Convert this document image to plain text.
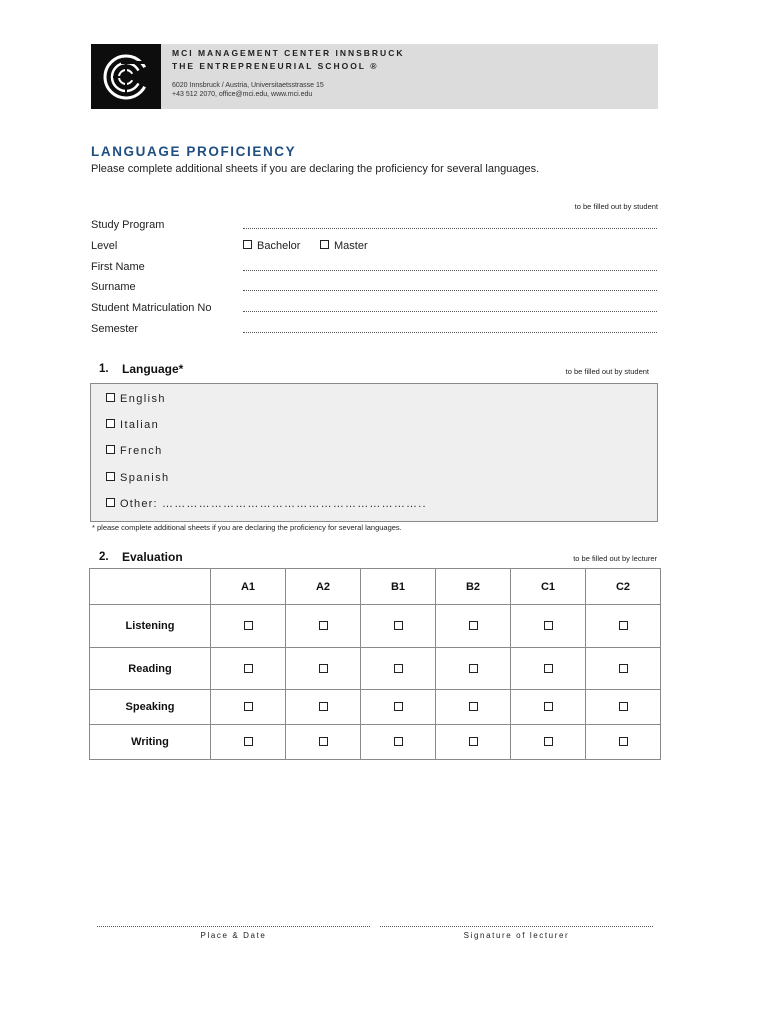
MCI MANAGEMENT CENTER INNSBRUCK
THE ENTREPRENEURIAL SCHOOL ®
6020 Innsbruck / Austria, Universitaetsstrasse 15
+43 512 2070, office@mci.edu, www.mci.edu
LANGUAGE PROFICIENCY
Please complete additional sheets if you are declaring the proficiency for several languages.
to be filled out by student
Study Program
Level	Bachelor	Master
First Name
Surname
Student Matriculation No
Semester
1. Language*	to be filled out by student
English
Italian
French
Spanish
Other: ………………………………………………………..
* please complete additional sheets if you are declaring the proficiency for several languages.
2. Evaluation	to be filled out by lecturer
	A1	A2	B1	B2	C1	C2
Listening						
Reading						
Speaking						
Writing						
Place & Date	Signature of lecturer
